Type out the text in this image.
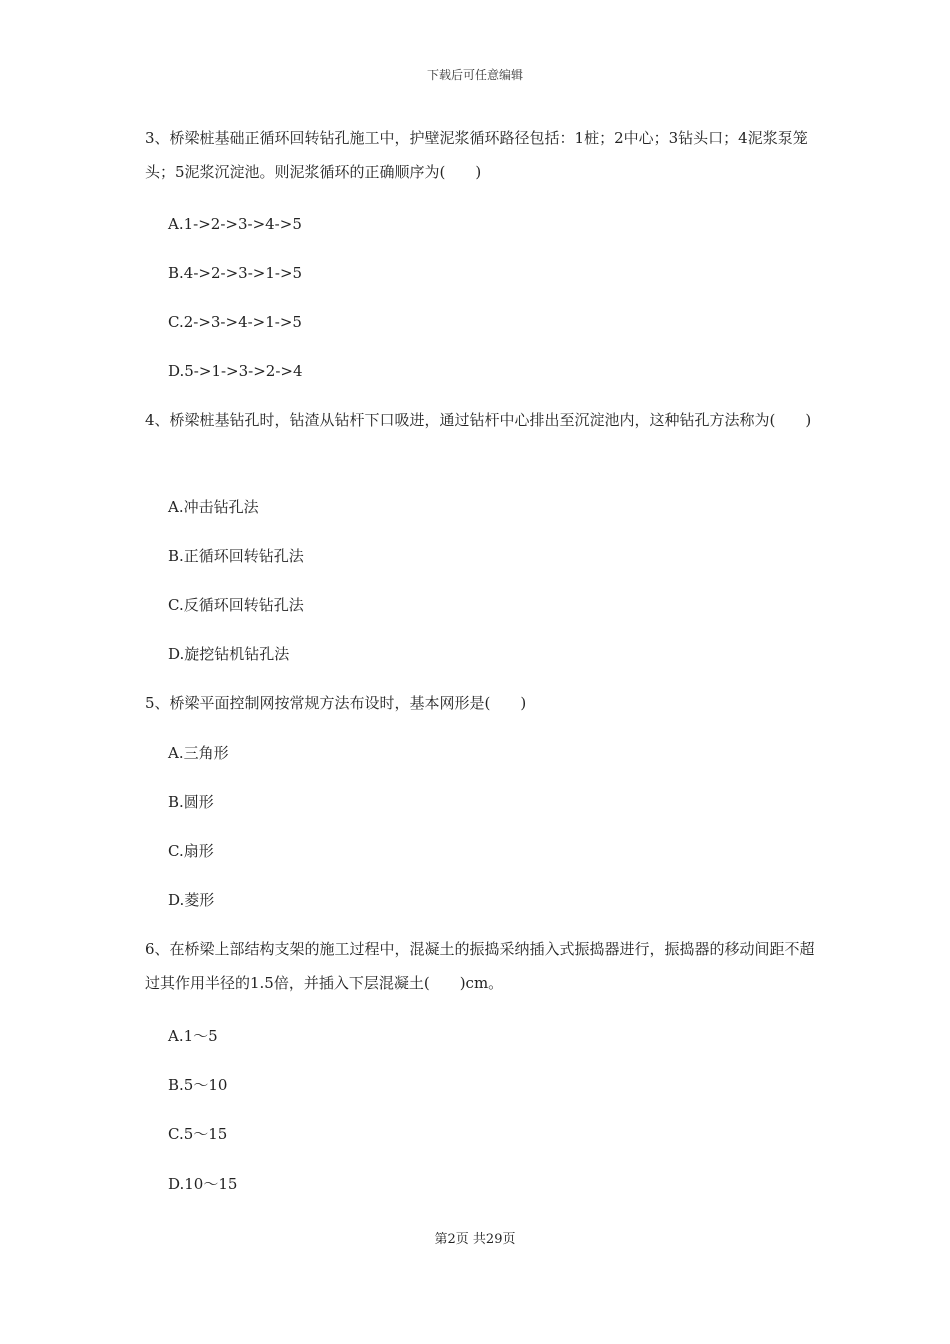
下载后可任意编辑

3、桥梁桩基础正循环回转钻孔施工中，护壁泥浆循环路径包括：1桩；2中心；3钻头口；4泥浆泵笼头；5泥浆沉淀池。则泥浆循环的正确顺序为(　　)

A.1->2->3->4->5
B.4->2->3->1->5
C.2->3->4->1->5
D.5->1->3->2->4

4、桥梁桩基钻孔时，钻渣从钻杆下口吸进，通过钻杆中心排出至沉淀池内，这种钻孔方法称为(　　)

A.冲击钻孔法
B.正循环回转钻孔法
C.反循环回转钻孔法
D.旋挖钻机钻孔法

5、桥梁平面控制网按常规方法布设时，基本网形是(　　)

A.三角形
B.圆形
C.扇形
D.菱形

6、在桥梁上部结构支架的施工过程中，混凝土的振捣采纳插入式振捣器进行，振捣器的移动间距不超过其作用半径的1.5倍，并插入下层混凝土(　　)cm。

A.1～5
B.5～10
C.5～15
D.10～15
第2页 共29页
